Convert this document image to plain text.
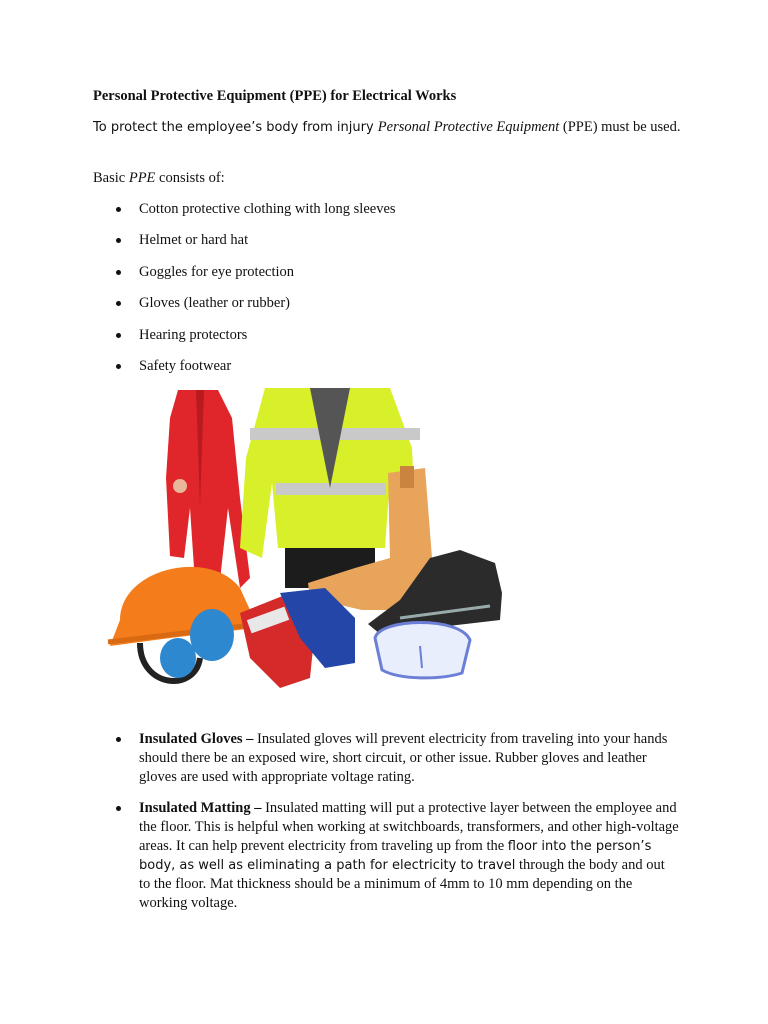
Personal Protective Equipment (PPE) for Electrical Works
To protect the employee’s body from injury Personal Protective Equipment (PPE) must be used.
Basic PPE consists of:
Cotton protective clothing with long sleeves
Helmet or hard hat
Goggles for eye protection
Gloves (leather or rubber)
Hearing protectors
Safety footwear
Insulated Gloves – Insulated gloves will prevent electricity from traveling into your hands should there be an exposed wire, short circuit, or other issue. Rubber gloves and leather gloves are used with appropriate voltage rating.
Insulated Matting – Insulated matting will put a protective layer between the employee and the floor. This is helpful when working at switchboards, transformers, and other high-voltage areas. It can help prevent electricity from traveling up from the floor into the person’s body, as well as eliminating a path for electricity to travel through the body and out to the floor. Mat thickness should be a minimum of 4mm to 10 mm depending on the working voltage.
